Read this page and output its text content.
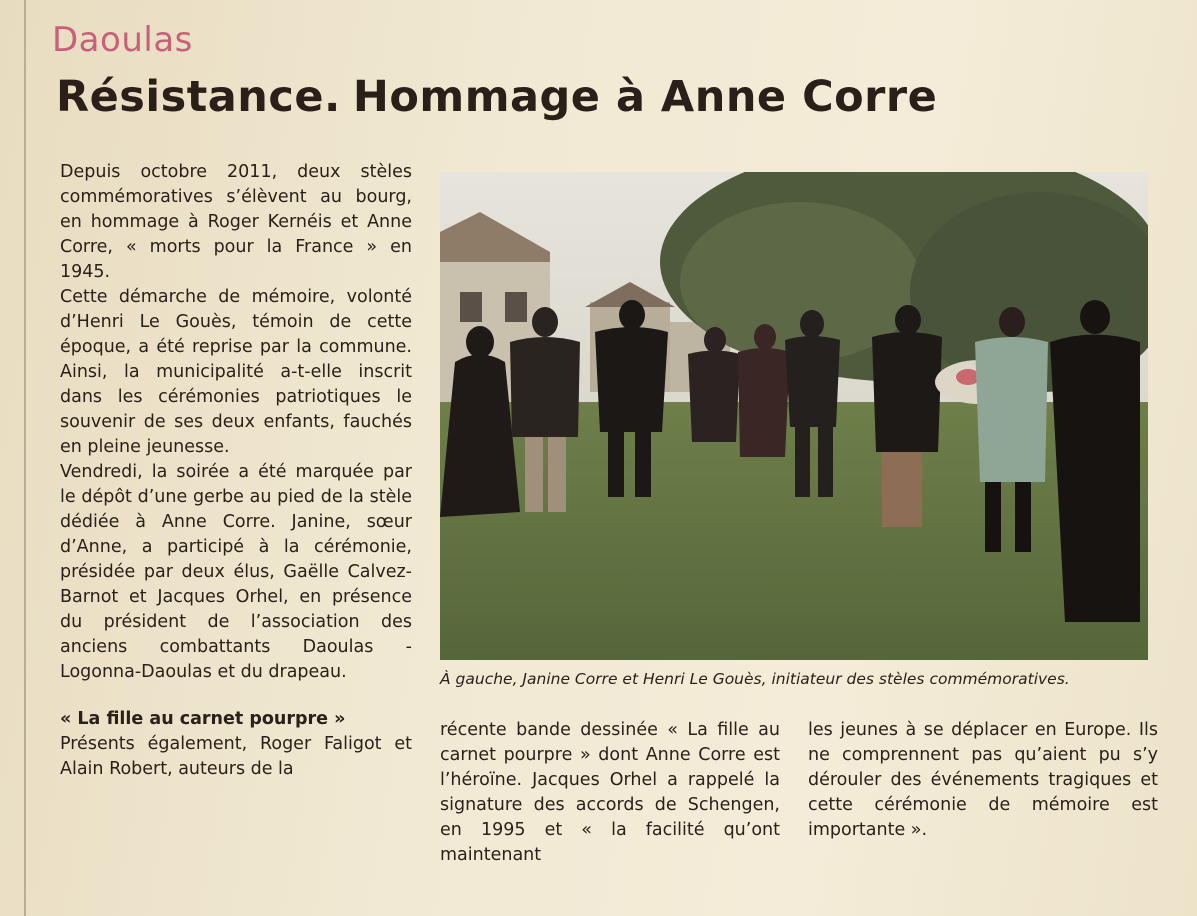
Daoulas
Résistance. Hommage à Anne Corre

Depuis octobre 2011, deux stèles commémoratives s’élèvent au bourg, en hommage à Roger Kernéis et Anne Corre, « morts pour la France » en 1945.

Cette démarche de mémoire, volonté d’Henri Le Gouès, témoin de cette époque, a été reprise par la commune. Ainsi, la municipalité a-t-elle inscrit dans les cérémonies patriotiques le souvenir de ses deux enfants, fauchés en pleine jeunesse.

Vendredi, la soirée a été marquée par le dépôt d’une gerbe au pied de la stèle dédiée à Anne Corre. Janine, sœur d’Anne, a participé à la cérémonie, présidée par deux élus, Gaëlle Calvez-Barnot et Jacques Orhel, en présence du président de l’association des anciens combattants Daoulas - Logonna-Daoulas et du drapeau.

« La fille au carnet pourpre »

Présents également, Roger Faligot et Alain Robert, auteurs de la

À gauche, Janine Corre et Henri Le Gouès, initiateur des stèles commémoratives.

récente bande dessinée « La fille au carnet pourpre » dont Anne Corre est l’héroïne. Jacques Orhel a rappelé la signature des accords de Schengen, en 1995 et « la facilité qu’ont maintenant

les jeunes à se déplacer en Europe. Ils ne comprennent pas qu’aient pu s’y dérouler des événements tragiques et cette cérémonie de mémoire est importante ».
